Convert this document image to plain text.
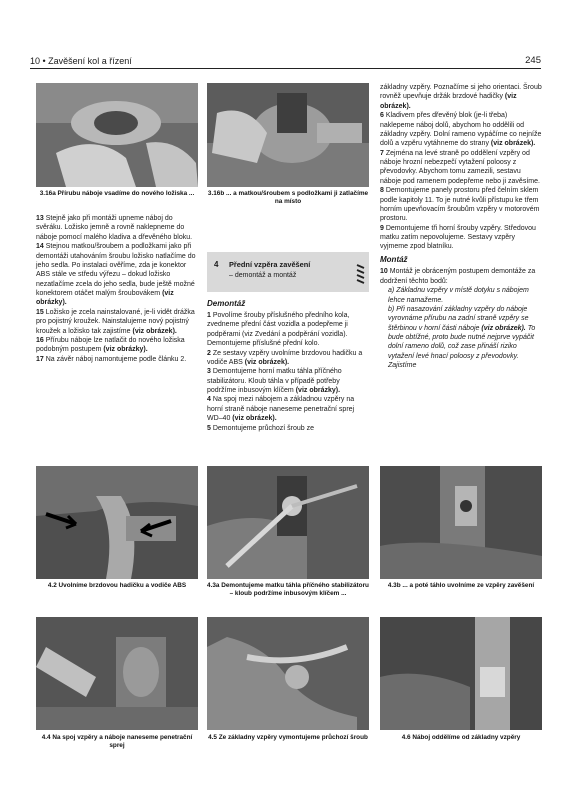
10 • Zavěšení kol a řízení	245
3.16a Přírubu náboje vsadíme do nového ložiska ...	3.16b ... a matkou/šroubem s podložkami ji zatlačíme na místo

13 Stejně jako při montáži upneme náboj do svěráku. Ložisko jemně a rovně naklepneme do náboje pomocí malého kladiva a dřevěného bloku.

14 Stejnou matkou/šroubem a podložkami jako při demontáži utahováním šroubu ložisko natlačíme do jeho sedla. Po instalaci ověříme, zda je konektor ABS stále ve středu výřezu – dokud ložisko nezatlačíme zcela do jeho sedla, bude ještě možné konektorem otáčet malým šroubovákem (viz obrázky).

15 Ložisko je zcela nainstalované, je-li vidět drážka pro pojistný kroužek. Nainstalujeme nový pojistný kroužek a ložisko tak zajistíme (viz obrázek).

16 Přírubu náboje lze natlačit do nového ložiska podobným postupem (viz obrázky).

17 Na závěr náboj namontujeme podle článku 2.

4 Přední vzpěra zavěšení
– demontáž a montáž
Demontáž

1 Povolíme šrouby příslušného předního kola, zvedneme přední část vozidla a podepřeme ji podpěrami (viz Zvedání a podpěrání vozidla). Demontujeme příslušné přední kolo.

2 Ze sestavy vzpěry uvolníme brzdovou hadičku a vodiče ABS (viz obrázek).

3 Demontujeme horní matku táhla příčného stabilizátoru. Kloub táhla v případě potřeby podržíme inbusovým klíčem (viz obrázky).

4 Na spoj mezi nábojem a základnou vzpěry na horní straně náboje naneseme penetrační sprej WD–40 (viz obrázek).

5 Demontujeme průchozí šroub ze

základny vzpěry. Poznačíme si jeho orientaci. Šroub rovněž upevňuje držák brzdové hadičky (viz obrázek).

6 Kladivem přes dřevěný blok (je-li třeba) naklepeme náboj dolů, abychom ho oddělili od základny vzpěry. Dolní rameno vypáčíme co nejníže dolů a vzpěru vytáhneme do strany (viz obrázek).

7 Zejména na levé straně po oddělení vzpěry od náboje hrozní nebezpečí vytažení poloosy z převodovky. Abychom tomu zamezili, sestavu náboje pod ramenem podepřeme nebo ji zavěsíme.

8 Demontujeme panely prostoru před čelním sklem podle kapitoly 11. To je nutné kvůli přístupu ke třem horním upevňovacím šroubům vzpěry v motorovém prostoru.

9 Demontujeme tři horní šrouby vzpěry. Středovou matku zatím nepovolujeme. Sestavy vzpěry vyjmeme zpod blatníku.

Montáž

10 Montáž je obráceným postupem demontáže za dodržení těchto bodů:

a) Základnu vzpěry v místě dotyku s nábojem lehce namažeme.

b) Při nasazování základny vzpěry do náboje vyrovnáme přírubu na zadní straně vzpěry se štěrbinou v horní části náboje (viz obrázek). To bude obtížné, proto bude nutné nejprve vypáčit dolní rameno dolů, což zase přináší riziko vytažení levé hnací poloosy z převodovky. Zajistíme

4.2 Uvolníme brzdovou hadičku a vodiče ABS	4.3a Demontujeme matku táhla příčného stabilizátoru – kloub podržíme inbusovým klíčem ...
4.3b ... a poté táhlo uvolníme ze vzpěry zavěšení
4.4 Na spoj vzpěry a náboje naneseme penetrační sprej
4.5 Ze základny vzpěry vymontujeme průchozí šroub	4.6 Náboj oddělíme od základny vzpěry
